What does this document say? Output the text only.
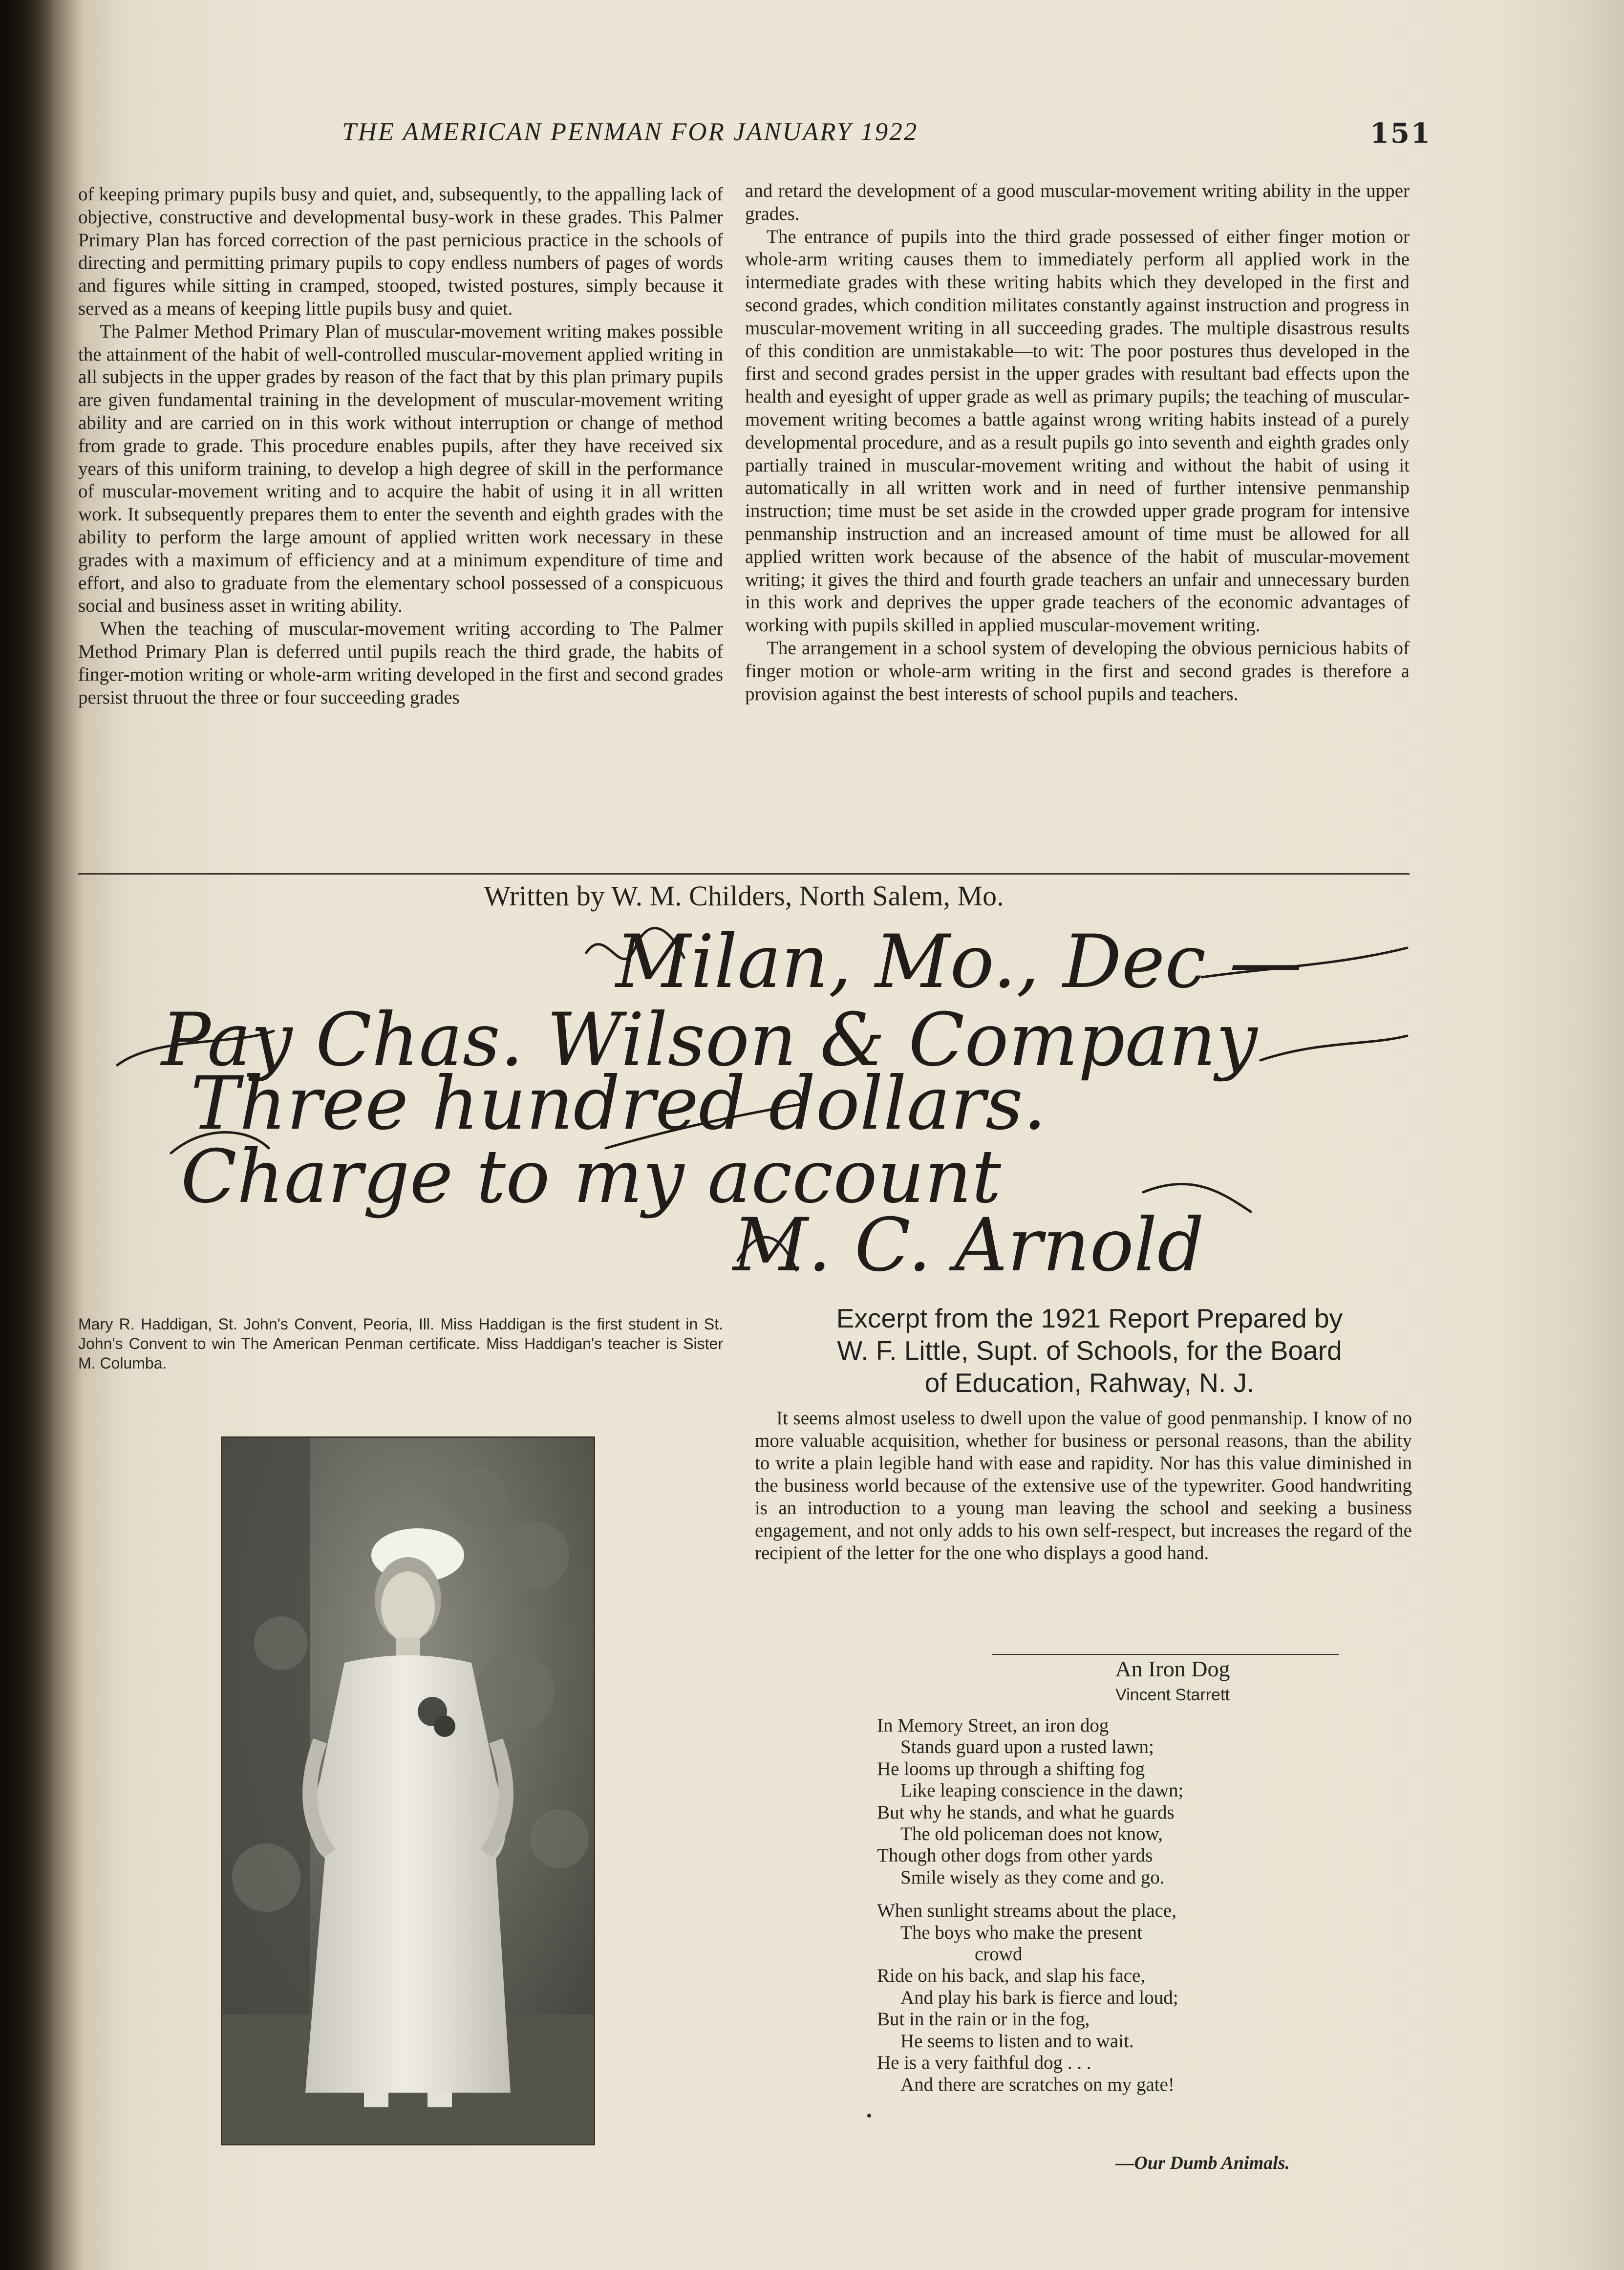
THE AMERICAN PENMAN FOR JANUARY 1922	151

of keeping primary pupils busy and quiet, and, subsequently, to the appalling lack of objective, constructive and developmental busy-work in these grades. This Palmer Primary Plan has forced correction of the past pernicious practice in the schools of directing and permitting primary pupils to copy endless numbers of pages of words and figures while sitting in cramped, stooped, twisted postures, simply because it served as a means of keeping little pupils busy and quiet.

The Palmer Method Primary Plan of muscular-movement writing makes possible the attainment of the habit of well-controlled muscular-movement applied writing in all subjects in the upper grades by reason of the fact that by this plan primary pupils are given fundamental training in the development of muscular-movement writing ability and are carried on in this work without interruption or change of method from grade to grade. This procedure enables pupils, after they have received six years of this uniform training, to develop a high degree of skill in the performance of muscular-movement writing and to acquire the habit of using it in all written work. It subsequently prepares them to enter the seventh and eighth grades with the ability to perform the large amount of applied written work necessary in these grades with a maximum of efficiency and at a minimum expenditure of time and effort, and also to graduate from the elementary school possessed of a conspicuous social and business asset in writing ability.

When the teaching of muscular-movement writing according to The Palmer Method Primary Plan is deferred until pupils reach the third grade, the habits of finger-motion writing or whole-arm writing developed in the first and second grades persist thruout the three or four succeeding grades

and retard the development of a good muscular-movement writing ability in the upper grades.

The entrance of pupils into the third grade possessed of either finger motion or whole-arm writing causes them to immediately perform all applied work in the intermediate grades with these writing habits which they developed in the first and second grades, which condition militates constantly against instruction and progress in muscular-movement writing in all succeeding grades. The multiple disastrous results of this condition are unmistakable—to wit: The poor postures thus developed in the first and second grades persist in the upper grades with resultant bad effects upon the health and eyesight of upper grade as well as primary pupils; the teaching of muscular-movement writing becomes a battle against wrong writing habits instead of a purely developmental procedure, and as a result pupils go into seventh and eighth grades only partially trained in muscular-movement writing and without the habit of using it automatically in all written work and in need of further intensive penmanship instruction; time must be set aside in the crowded upper grade program for intensive penmanship instruction and an increased amount of time must be allowed for all applied written work because of the absence of the habit of muscular-movement writing; it gives the third and fourth grade teachers an unfair and unnecessary burden in this work and deprives the upper grade teachers of the economic advantages of working with pupils skilled in applied muscular-movement writing.

The arrangement in a school system of developing the obvious pernicious habits of finger motion or whole-arm writing in the first and second grades is therefore a provision against the best interests of school pupils and teachers.

Written by W. M. Childers, North Salem, Mo.
Milan, Mo., Dec —
Pay Chas. Wilson & Company
Three hundred dollars.
Charge to my account
M. C. Arnold
Mary R. Haddigan, St. John's Convent, Peoria, Ill. Miss Haddigan is the first student in St. John's Convent to win The American Penman certificate. Miss Haddigan's teacher is Sister M. Columba.
Excerpt from the 1921 Report Prepared by
W. F. Little, Supt. of Schools, for the Board
of Education, Rahway, N. J.

It seems almost useless to dwell upon the value of good penmanship. I know of no more valuable acquisition, whether for business or personal reasons, than the ability to write a plain legible hand with ease and rapidity. Nor has this value diminished in the business world because of the extensive use of the typewriter. Good handwriting is an introduction to a young man leaving the school and seeking a business engagement, and not only adds to his own self-respect, but increases the regard of the recipient of the letter for the one who displays a good hand.

An Iron Dog
Vincent Starrett
In Memory Street, an iron dog
Stands guard upon a rusted lawn;
He looms up through a shifting fog
Like leaping conscience in the dawn;
But why he stands, and what he guards
The old policeman does not know,
Though other dogs from other yards
Smile wisely as they come and go.
When sunlight streams about the place,
The boys who make the present
crowd
Ride on his back, and slap his face,
And play his bark is fierce and loud;
But in the rain or in the fog,
He seems to listen and to wait.
He is a very faithful dog . . .
And there are scratches on my gate!
—Our Dumb Animals.
